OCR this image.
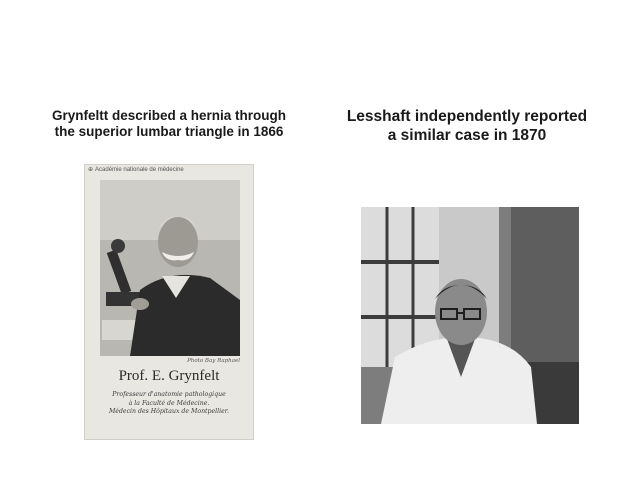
Grynfeltt described a hernia through
the superior lumbar triangle in 1866
Lesshaft independently reported
a similar case in 1870
⊕ Académie nationale de médecine
Photo Bay Raphael
Prof. E. Grynfelt
Professeur d'anatomie pathologique
à la Faculté de Médecine.
Médecin des Hôpitaux de Montpellier.
